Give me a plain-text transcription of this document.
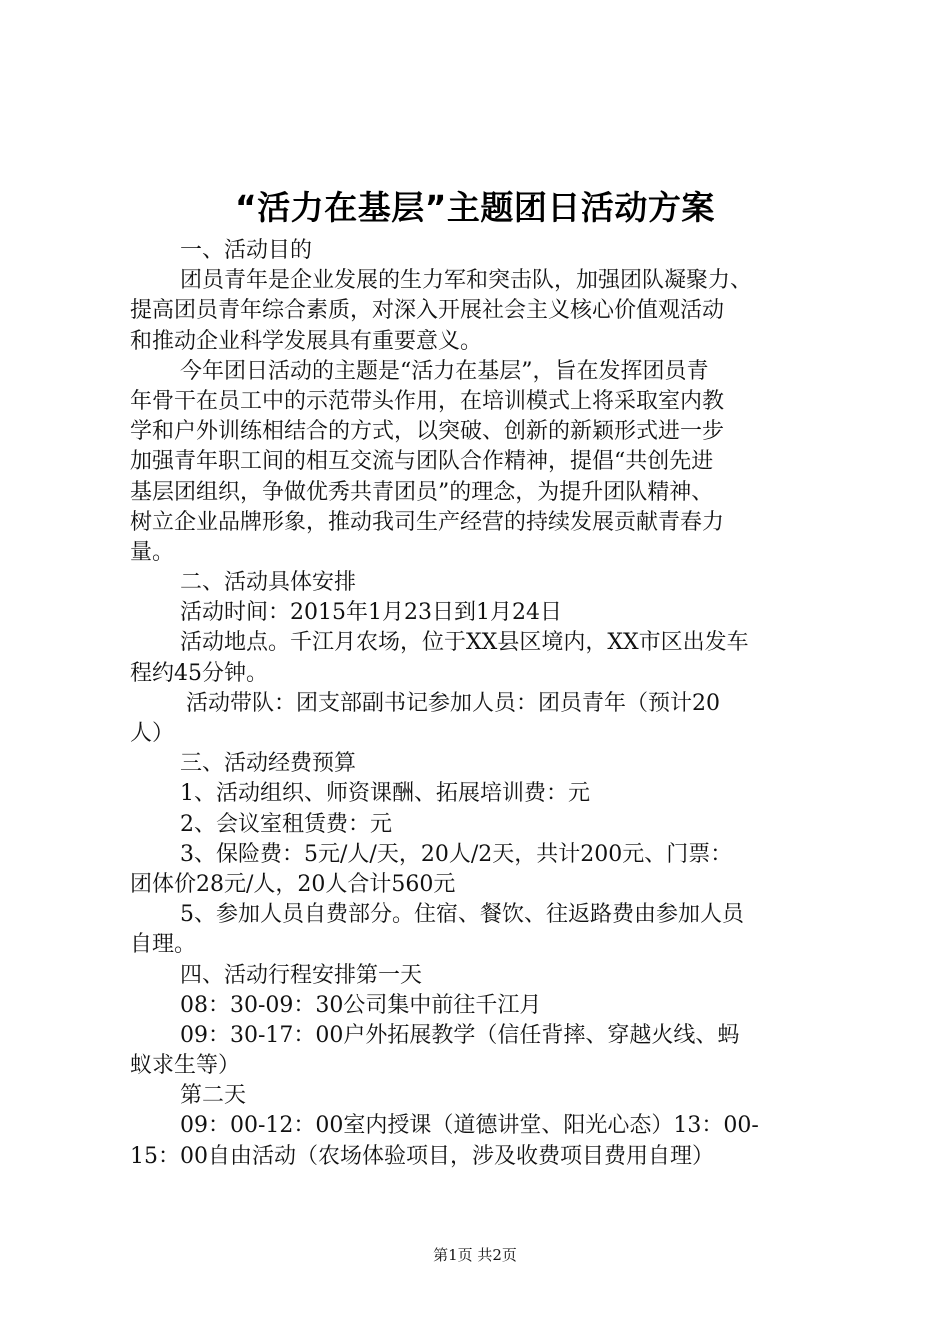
“活力在基层”主题团日活动方案
一、活动目的
团员青年是企业发展的生力军和突击队，加强团队凝聚力、
提高团员青年综合素质，对深入开展社会主义核心价值观活动
和推动企业科学发展具有重要意义。
今年团日活动的主题是“活力在基层”，旨在发挥团员青
年骨干在员工中的示范带头作用，在培训模式上将采取室内教
学和户外训练相结合的方式，以突破、创新的新颖形式进一步
加强青年职工间的相互交流与团队合作精神，提倡“共创先进
基层团组织，争做优秀共青团员”的理念，为提升团队精神、
树立企业品牌形象，推动我司生产经营的持续发展贡献青春力
量。
二、活动具体安排
活动时间：2015年1月23日到1月24日
活动地点。千江月农场，位于XX县区境内，XX市区出发车
程约45分钟。
活动带队：团支部副书记参加人员：团员青年（预计20
人）
三、活动经费预算
1、活动组织、师资课酬、拓展培训费：元
2、会议室租赁费：元
3、保险费：5元/人/天，20人/2天，共计200元、门票：
团体价28元/人，20人合计560元
5、参加人员自费部分。住宿、餐饮、往返路费由参加人员
自理。
四、活动行程安排第一天
08：30-09：30公司集中前往千江月
09：30-17：00户外拓展教学（信任背摔、穿越火线、蚂
蚁求生等）
第二天
09：00-12：00室内授课（道德讲堂、阳光心态）13：00-
15：00自由活动（农场体验项目，涉及收费项目费用自理）
第1页 共2页
